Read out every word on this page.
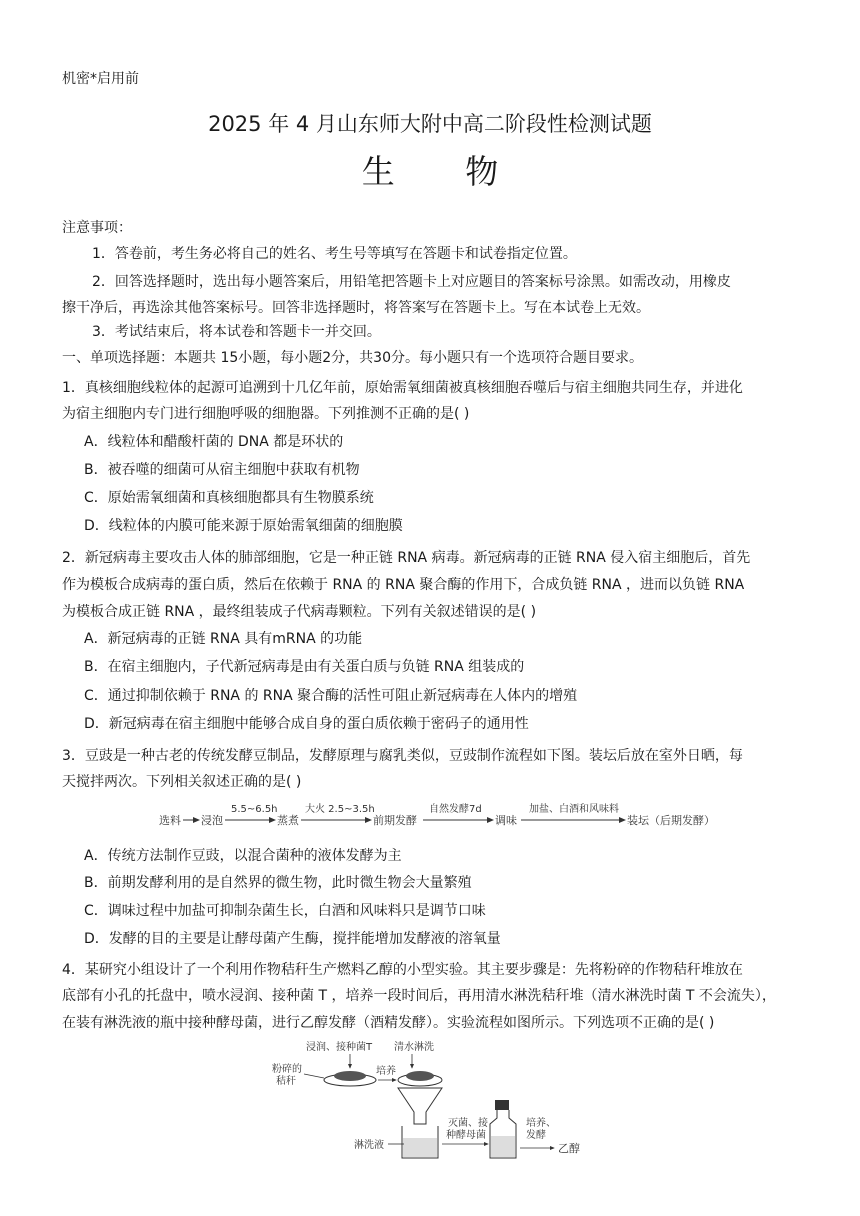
机密*启用前
2025 年 4 月山东师大附中高二阶段性检测试题
生 物
注意事项：
1．答卷前，考生务必将自己的姓名、考生号等填写在答题卡和试卷指定位置。
2．回答选择题时，选出每小题答案后，用铅笔把答题卡上对应题目的答案标号涂黑。如需改动，用橡皮
擦干净后，再选涂其他答案标号。回答非选择题时，将答案写在答题卡上。写在本试卷上无效。
3．考试结束后，将本试卷和答题卡一并交回。
一、单项选择题：本题共 15小题，每小题2分，共30分。每小题只有一个选项符合题目要求。
1．真核细胞线粒体的起源可追溯到十几亿年前，原始需氧细菌被真核细胞吞噬后与宿主细胞共同生存，并进化
为宿主细胞内专门进行细胞呼吸的细胞器。下列推测不正确的是( )
A．线粒体和醋酸杆菌的 DNA 都是环状的
B．被吞噬的细菌可从宿主细胞中获取有机物
C．原始需氧细菌和真核细胞都具有生物膜系统
D．线粒体的内膜可能来源于原始需氧细菌的细胞膜
2．新冠病毒主要攻击人体的肺部细胞，它是一种正链 RNA 病毒。新冠病毒的正链 RNA 侵入宿主细胞后，首先
作为模板合成病毒的蛋白质，然后在依赖于 RNA 的 RNA 聚合酶的作用下，合成负链 RNA ，进而以负链 RNA
为模板合成正链 RNA ，最终组装成子代病毒颗粒。下列有关叙述错误的是( )
A．新冠病毒的正链 RNA 具有mRNA 的功能
B．在宿主细胞内，子代新冠病毒是由有关蛋白质与负链 RNA 组装成的
C．通过抑制依赖于 RNA 的 RNA 聚合酶的活性可阻止新冠病毒在人体内的增殖
D．新冠病毒在宿主细胞中能够合成自身的蛋白质依赖于密码子的通用性
3．豆豉是一种古老的传统发酵豆制品，发酵原理与腐乳类似，豆豉制作流程如下图。装坛后放在室外日晒，每
天搅拌两次。下列相关叙述正确的是( )
选料 浸泡
5.5~6.5h
蒸煮
大火 2.5~3.5h
前期发酵
自然发酵7d
调味
加盐、白酒和风味料
装坛（后期发酵）
A．传统方法制作豆豉，以混合菌种的液体发酵为主
B．前期发酵利用的是自然界的微生物，此时微生物会大量繁殖
C．调味过程中加盐可抑制杂菌生长，白酒和风味料只是调节口味
D．发酵的目的主要是让酵母菌产生酶，搅拌能增加发酵液的溶氧量
4．某研究小组设计了一个利用作物秸秆生产燃料乙醇的小型实验。其主要步骤是：先将粉碎的作物秸秆堆放在
底部有小孔的托盘中，喷水浸润、接种菌 T ，培养一段时间后，再用清水淋洗秸秆堆（清水淋洗时菌 T 不会流失），
在装有淋洗液的瓶中接种酵母菌，进行乙醇发酵（酒精发酵）。实验流程如图所示。下列选项不正确的是( )
浸润、接种菌T 清水淋洗
粉碎的
秸秆
培养
淋洗液
灭菌、接
种酵母菌
培养、
发酵
乙醇
